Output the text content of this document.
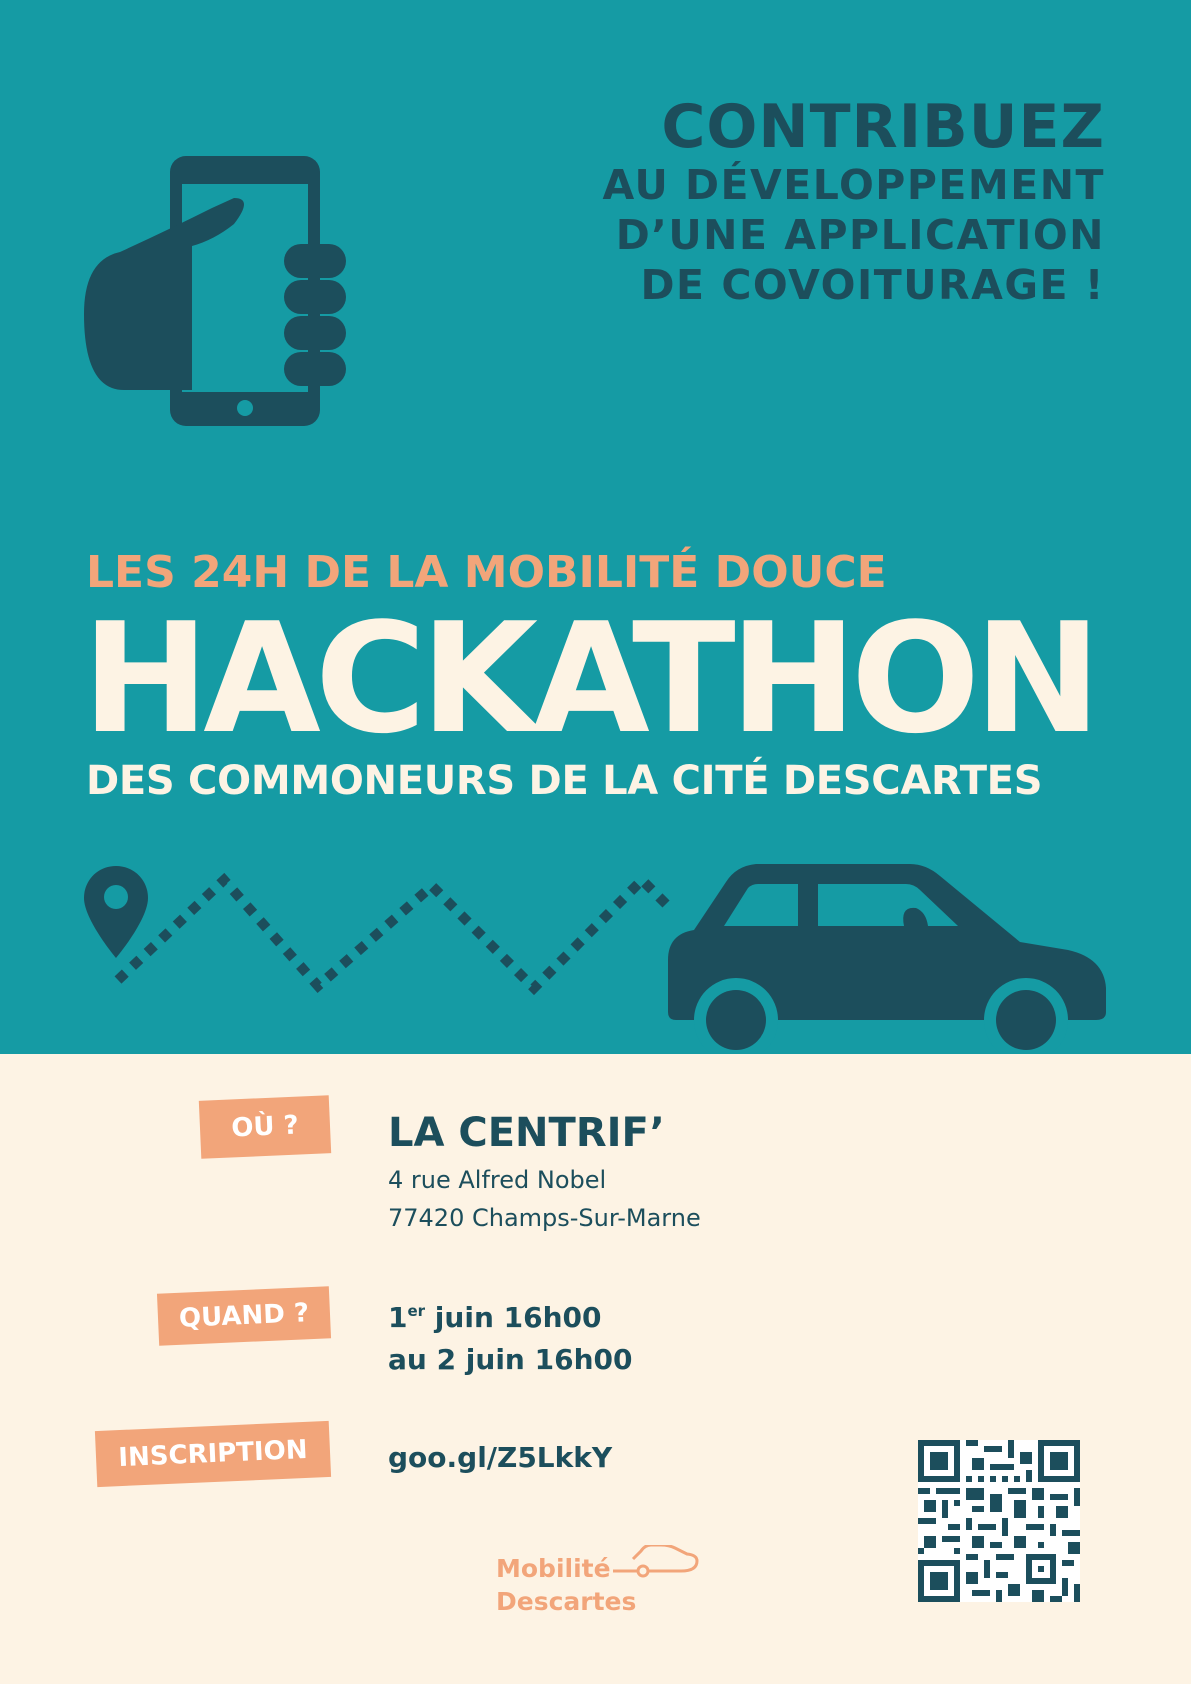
CONTRIBUEZ
AU DÉVELOPPEMENT
D’UNE APPLICATION
DE COVOITURAGE !
LES 24H DE LA MOBILITÉ DOUCE
HACKATHON
DES COMMONEURS DE LA CITÉ DESCARTES
OÙ ?	LA CENTRIF’
4 rue Alfred Nobel
77420 Champs-Sur-Marne
QUAND ?	1er juin 16h00
au 2 juin 16h00
INSCRIPTION	goo.gl/Z5LkkY
Mobilité
Descartes
